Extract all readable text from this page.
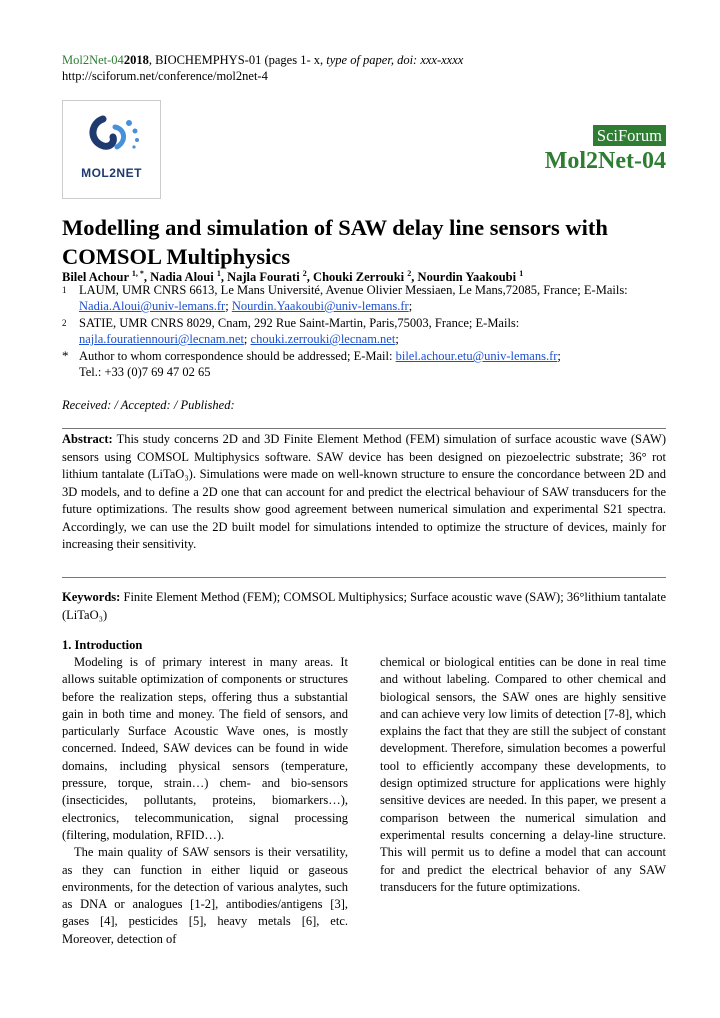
Mol2Net-042018, BIOCHEMPHYS-01 (pages 1- x, type of paper, doi: xxx-xxxx
http://sciforum.net/conference/mol2net-4
MOL2NET
SciForum
Mol2Net-04
Modelling and simulation of SAW delay line sensors with COMSOL Multiphysics
Bilel Achour $^{1, *}$, Nadia Aloui $^1$, Najla Fourati $^2$, Chouki Zerrouki $^2$, Nourdin Yaakoubi $^1$
1 LAUM, UMR CNRS 6613, Le Mans Université, Avenue Olivier Messiaen, Le Mans,72085, France; E-Mails: Nadia.Aloui@univ-lemans.fr; Nourdin.Yaakoubi@univ-lemans.fr;
2 SATIE, UMR CNRS 8029, Cnam, 292 Rue Saint-Martin, Paris,75003, France; E-Mails: najla.fouratiennouri@lecnam.net; chouki.zerrouki@lecnam.net;
* Author to whom correspondence should be addressed; E-Mail: bilel.achour.etu@univ-lemans.fr;
Tel.: +33 (0)7 69 47 02 65
Received: / Accepted: / Published:
Abstract: This study concerns 2D and 3D Finite Element Method (FEM) simulation of surface acoustic wave (SAW) sensors using COMSOL Multiphysics software. SAW device has been designed on piezoelectric substrate; 36° rot lithium tantalate (LiTaO₃). Simulations were made on well-known structure to ensure the concordance between 2D and 3D models, and to define a 2D one that can account for and predict the electrical behaviour of SAW transducers for the future optimizations. The results show good agreement between numerical simulation and experimental S21 spectra. Accordingly, we can use the 2D built model for simulations intended to optimize the structure of devices, mainly for increasing their sensitivity.
Keywords: Finite Element Method (FEM); COMSOL Multiphysics; Surface acoustic wave (SAW); 36°lithium tantalate (LiTaO₃)
1. Introduction

Modeling is of primary interest in many areas. It allows suitable optimization of components or structures before the realization steps, offering thus a substantial gain in both time and money. The field of sensors, and particularly Surface Acoustic Wave ones, is mostly concerned. Indeed, SAW devices can be found in wide domains, including physical sensors (temperature, pressure, torque, strain…) chem- and bio-sensors (insecticides, pollutants, proteins, biomarkers…), electronics, telecommunication, signal processing (filtering, modulation, RFID…).

The main quality of SAW sensors is their versatility, as they can function in either liquid or gaseous environments, for the detection of various analytes, such as DNA or analogues [1-2], antibodies/antigens [3], gases [4], pesticides [5], heavy metals [6], etc. Moreover, detection of

chemical or biological entities can be done in real time and without labeling. Compared to other chemical and biological sensors, the SAW ones are highly sensitive and can achieve very low limits of detection [7-8], which explains the fact that they are still the subject of constant development. Therefore, simulation becomes a powerful tool to efficiently accompany these developments, to design optimized structure for applications were highly sensitive devices are needed. In this paper, we present a comparison between the numerical simulation and experimental results concerning a delay-line structure. This will permit us to define a model that can account for and predict the electrical behavior of any SAW transducers for the future optimizations.
